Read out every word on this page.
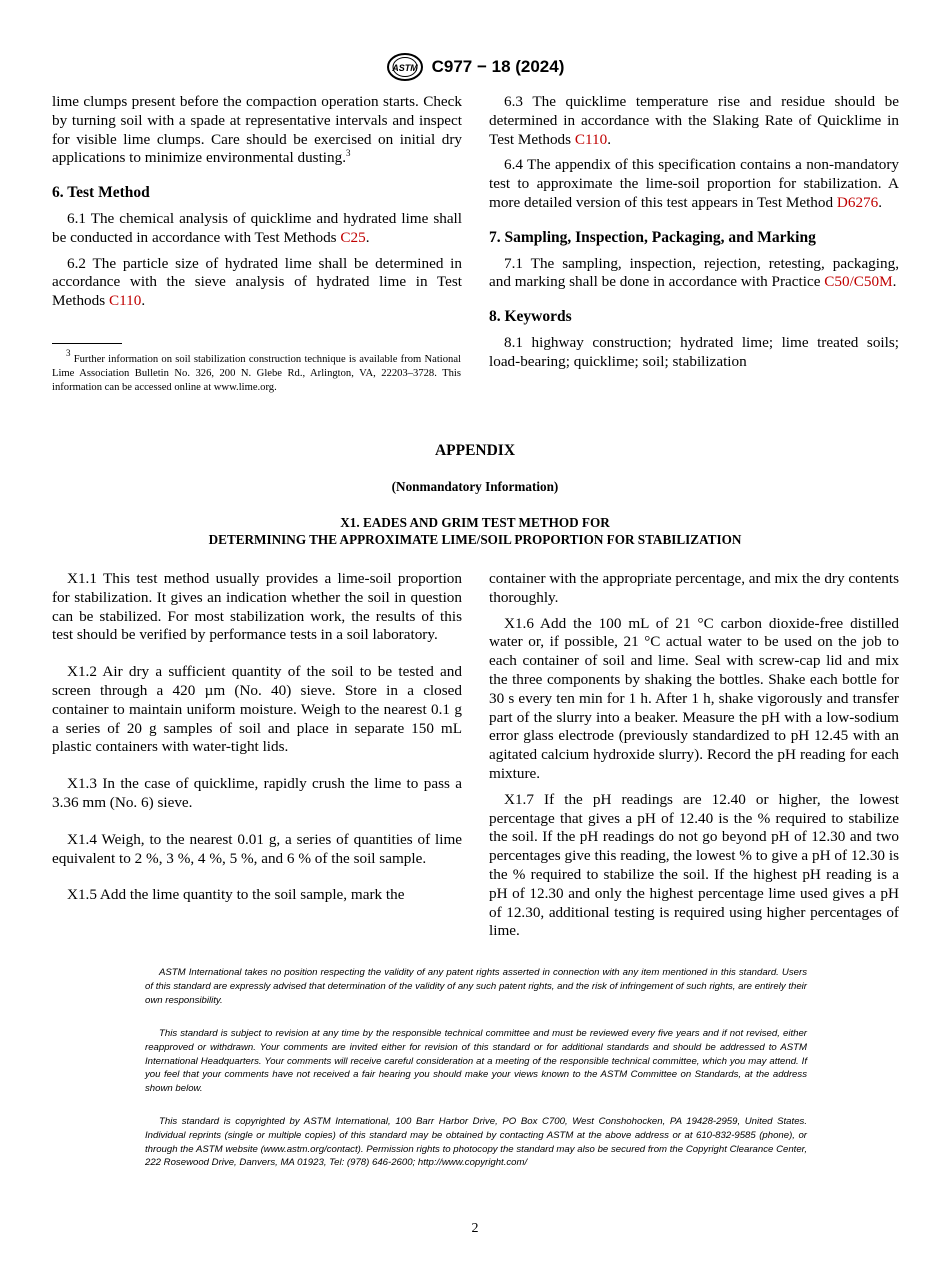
ASTM C977 − 18 (2024)

lime clumps present before the compaction operation starts. Check by turning soil with a spade at representative intervals and inspect for visible lime clumps. Care should be exercised on initial dry applications to minimize environmental dusting.$^3$

6. Test Method

6.1 The chemical analysis of quicklime and hydrated lime shall be conducted in accordance with Test Methods C25.

6.2 The particle size of hydrated lime shall be determined in accordance with the sieve analysis of hydrated lime in Test Methods C110.

$^3$ Further information on soil stabilization construction technique is available from National Lime Association Bulletin No. 326, 200 N. Glebe Rd., Arlington, VA, 22203–3728. This information can be accessed online at www.lime.org.

6.3 The quicklime temperature rise and residue should be determined in accordance with the Slaking Rate of Quicklime in Test Methods C110.

6.4 The appendix of this specification contains a non-mandatory test to approximate the lime-soil proportion for stabilization. A more detailed version of this test appears in Test Method D6276.

7. Sampling, Inspection, Packaging, and Marking

7.1 The sampling, inspection, rejection, retesting, packaging, and marking shall be done in accordance with Practice C50/C50M.

8. Keywords

8.1 highway construction; hydrated lime; lime treated soils; load-bearing; quicklime; soil; stabilization

APPENDIX
(Nonmandatory Information)
X1. EADES AND GRIM TEST METHOD FOR
DETERMINING THE APPROXIMATE LIME/SOIL PROPORTION FOR STABILIZATION

X1.1 This test method usually provides a lime-soil proportion for stabilization. It gives an indication whether the soil in question can be stabilized. For most stabilization work, the results of this test should be verified by performance tests in a soil laboratory.

X1.2 Air dry a sufficient quantity of the soil to be tested and screen through a 420 µm (No. 40) sieve. Store in a closed container to maintain uniform moisture. Weigh to the nearest 0.1 g a series of 20 g samples of soil and place in separate 150 mL plastic containers with water-tight lids.

X1.3 In the case of quicklime, rapidly crush the lime to pass a 3.36 mm (No. 6) sieve.

X1.4 Weigh, to the nearest 0.01 g, a series of quantities of lime equivalent to 2 %, 3 %, 4 %, 5 %, and 6 % of the soil sample.

X1.5 Add the lime quantity to the soil sample, mark the

container with the appropriate percentage, and mix the dry contents thoroughly.

X1.6 Add the 100 mL of 21 °C carbon dioxide-free distilled water or, if possible, 21 °C actual water to be used on the job to each container of soil and lime. Seal with screw-cap lid and mix the three components by shaking the bottles. Shake each bottle for 30 s every ten min for 1 h. After 1 h, shake vigorously and transfer part of the slurry into a beaker. Measure the pH with a low-sodium error glass electrode (previously standardized to pH 12.45 with an agitated calcium hydroxide slurry). Record the pH reading for each mixture.

X1.7 If the pH readings are 12.40 or higher, the lowest percentage that gives a pH of 12.40 is the % required to stabilize the soil. If the pH readings do not go beyond pH of 12.30 and two percentages give this reading, the lowest % to give a pH of 12.30 is the % required to stabilize the soil. If the highest pH reading is a pH of 12.30 and only the highest percentage lime used gives a pH of 12.30, additional testing is required using higher percentages of lime.

ASTM International takes no position respecting the validity of any patent rights asserted in connection with any item mentioned in this standard. Users of this standard are expressly advised that determination of the validity of any such patent rights, and the risk of infringement of such rights, are entirely their own responsibility.

This standard is subject to revision at any time by the responsible technical committee and must be reviewed every five years and if not revised, either reapproved or withdrawn. Your comments are invited either for revision of this standard or for additional standards and should be addressed to ASTM International Headquarters. Your comments will receive careful consideration at a meeting of the responsible technical committee, which you may attend. If you feel that your comments have not received a fair hearing you should make your views known to the ASTM Committee on Standards, at the address shown below.

This standard is copyrighted by ASTM International, 100 Barr Harbor Drive, PO Box C700, West Conshohocken, PA 19428-2959, United States. Individual reprints (single or multiple copies) of this standard may be obtained by contacting ASTM at the above address or at 610-832-9585 (phone), or through the ASTM website (www.astm.org/contact). Permission rights to photocopy the standard may also be secured from the Copyright Clearance Center, 222 Rosewood Drive, Danvers, MA 01923, Tel: (978) 646-2600; http://www.copyright.com/

2
